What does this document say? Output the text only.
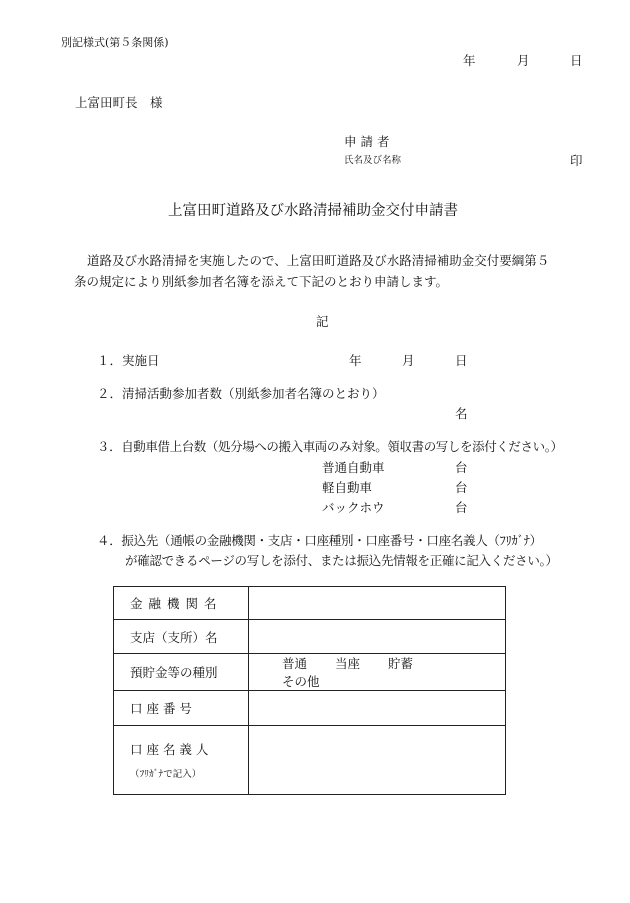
別記様式(第５条関係)
年	月	日
上富田町長　様
申 請 者
氏名及び名称	印
上富田町道路及び水路清掃補助金交付申請書
道路及び水路清掃を実施したので、上富田町道路及び水路清掃補助金交付要綱第５
条の規定により別紙参加者名簿を添えて下記のとおり申請します。
記
１．実施日	年	月	日
２．清掃活動参加者数（別紙参加者名簿のとおり）
名
３．自動車借上台数（処分場への搬入車両のみ対象。領収書の写しを添付ください。）
普通自動車	台
軽自動車	台
バックホウ	台
４．振込先（通帳の金融機関・支店・口座種別・口座番号・口座名義人（ﾌﾘｶﾞﾅ）
が確認できるページの写しを添付、または振込先情報を正確に記入ください。）
金融機関名	
支店（支所）名	
預貯金等の種別	普通 当座 貯蓄その他

口 座 番 号	

口 座 名 義 人
（ﾌﾘｶﾞﾅで記入）	
